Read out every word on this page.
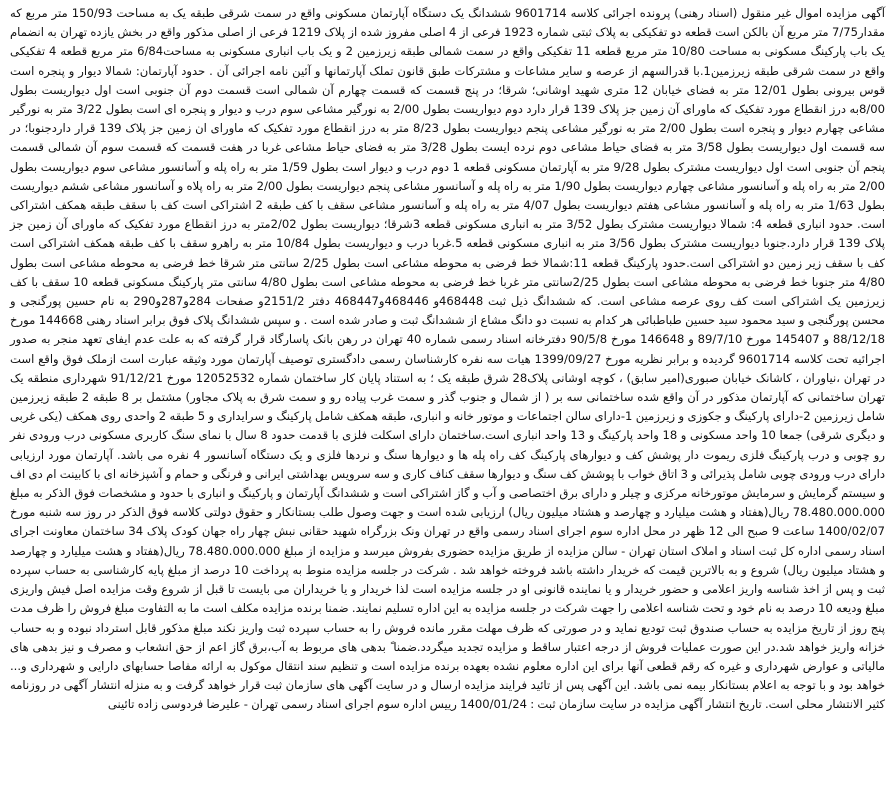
آگهی مزایده اموال غیر منقول (اسناد رهنی) پرونده اجرائی کلاسه 9601714 ششدانگ یک دستگاه آپارتمان مسکونی واقع در سمت شرقی طبقه یک به مساحت 150/93 متر مربع که مقدار7/75 متر مربع آن بالکن است قطعه دو تفکیکی به پلاک ثبتی شماره 1923 فرعی از 4 اصلی مفروز شده از پلاک 1219 فرعی از اصلی مذکور واقع در بخش یازده تهران به انضمام یک باب پارکینگ مسکونی به مساحت 10/80 متر مربع قطعه 11 تفکیکی واقع در سمت شمالی طبقه زیرزمین 2 و یک باب انباری مسکونی به مساحت6/84 متر مربع قطعه 4 تفکیکی واقع در سمت شرقی طبقه زیرزمین1.با قدرالسهم از عرصه و سایر مشاعات و مشترکات طبق قانون تملک آپارتمانها و آئین نامه اجرائی آن . حدود آپارتمان: شمالا دیوار و پنجره است قوس بیرونی بطول 12/01 متر به فضای خیابان 12 متری شهید اوشانی؛ شرقا؛ در پنج قسمت که قسمت چهارم آن شمالی است قسمت دوم آن جنوبی است اول دیواریست بطول 8/00به درز انقطاع مورد تفکیک که ماورای آن زمین جز پلاک 139 قرار دارد دوم دیواریست بطول 2/00 به نورگیر مشاعی سوم درب و دیوار و پنجره ای است بطول 3/22 متر به نورگیر مشاعی چهارم دیوار و پنجره است بطول 2/00 متر به نورگیر مشاعی پنجم دیواریست بطول 8/23 متر به درز انقطاع مورد تفکیک که ماورای ان زمین جز پلاک 139 قرار دارد‌جنوبا؛ در سه قسمت اول دیواریست بطول 3/58 متر به فضای حیاط مشاعی دوم نرده ایست بطول 3/28 متر به فضای حیاط مشاعی غربا در هفت قسمت که قسمت سوم آن شمالی قسمت پنجم آن جنوبی است اول دیواریست مشترک بطول 9/28 متر به آپارتمان مسکونی قطعه 1 دوم درب و دیوار است بطول 1/59 متر به راه پله و آسانسور مشاعی سوم دیواریست بطول 2/00 متر به راه پله و آسانسور مشاعی چهارم دیواریست بطول 1/90 متر به راه پله و آسانسور مشاعی پنجم دیواریست بطول 2/00 متر به راه پلاه و آسانسور مشاعی ششم دیواریست بطول 1/63 متر به راه پله و آسانسور مشاعی هفتم دیواریست بطول 4/07 متر به راه پله و آسانسور مشاعی سقف با کف طبقه 2 اشتراکی است کف با سقف طبقه همکف اشتراکی است. حدود انباری قطعه 4: شمالا دیواریست مشترک بطول 3/52 متر به انباری مسکونی قطعه 3شرقا؛ دیواریست بطول 2/02متر به درز انقطاع مورد تفکیک که ماورای آن زمین جز پلاک 139 قرار دارد.جنوبا دیواریست مشترک بطول 3/56 متر به انباری مسکونی قطعه 5.غربا درب و دیواریست بطول 10/84 متر به راهرو سقف با کف طبقه همکف اشتراکی است کف با سقف زیر زمین دو اشتراکی است.حدود پارکینگ قطعه 11:شمالا خط فرضی به محوطه مشاعی است بطول 2/25 سانتی متر شرقا خط فرضی به محوطه مشاعی است بطول 4/80 متر جنوبا خط فرضی به محوطه مشاعی است بطول 2/25سانتی متر غربا خط فرضی به محوطه مشاعی است بطول 4/80 سانتی متر پارکینگ مسکونی قطعه 10 سقف با کف زیرزمین یک اشتراکی است کف روی عرصه مشاعی است. که ششدانگ ذیل ثبت 468448و 468446و468447 دفتر 2151/2و صفحات 284و287و290 به نام حسین پورگنجی و محسن پورگنجی و سید محمود سید حسین طباطبائی هر کدام به نسبت دو دانگ مشاع از ششدانگ ثبت و صادر شده است . و سپس ششدانگ پلاک فوق برابر اسناد رهنی 144668 مورخ 88/12/18 و 145407 مورخ 89/7/10 و 146648 مورخ 90/5/8 دفترخانه اسناد رسمی شماره 40 تهران در رهن بانک پاسارگاد قرار گرفته که به علت عدم ایفای تعهد منجر به صدور اجرائیه تحت کلاسه 9601714 گردیده و برابر نظریه مورخ 1399/09/27 هیات سه نفره کارشناسان رسمی دادگستری توصیف آپارتمان مورد وثیقه عبارت است ازملک فوق واقع است در تهران ،نیاوران ، کاشانک خیابان صبوری(امیر سابق) ، کوچه اوشانی پلاک28 شرق طبقه یک ؛ به استناد پایان کار ساختمان شماره 12052532 مورخ 91/12/21 شهرداری منطقه یک تهران ساختمانی که آپارتمان مذکور در آن واقع شده ساختمانی سه بر ( از شمال و جنوب گذر و سمت غرب پیاده رو و سمت شرق به پلاک مجاور) مشتمل بر 8 طبقه 2 طبقه زیرزمین شامل زیرزمین 2-دارای پارکینگ و جکوزی و زیرزمین 1-دارای سالن اجتماعات و موتور خانه و انباری، طبقه همکف شامل پارکینگ و سرایداری و 5 طبقه 2 واحدی روی همکف (یکی غربی و دیگری شرقی) جمعا 10 واحد مسکونی و 18 واحد پارکینگ و 13 واحد انباری است.ساختمان دارای اسکلت فلزی با قدمت حدود 8 سال با نمای سنگ کاربری مسکونی درب ورودی نفر رو چوبی و درب پارکینگ فلزی ریموت دار پوشش کف و دیوارهای پارکینگ کف راه پله ها و دیوارها سنگ و نردها فلزی و یک دستگاه آسانسور 4 نفره می باشد. آپارتمان مورد ارزیابی دارای درب ورودی چوبی شامل پذیرائی و 3 اتاق خواب با پوشش کف سنگ و دیوارها سقف کناف کاری و سه سرویس بهداشتی ایرانی و فرنگی و حمام و آشپزخانه ای با کابینت ام دی اف و سیستم گرمایش و سرمایش موتورخانه مرکزی و چیلر و دارای برق اختصاصی و آب و گاز اشتراکی است و ششدانگ آپارتمان و پارکینگ و انباری با حدود و مشخصات فوق الذکر به مبلغ 78.480.000.000 ریال(هفتاد و هشت میلیارد و چهارصد و هشتاد میلیون ریال) ارزیابی شده است و جهت وصول طلب بستانکار و حقوق دولتی کلاسه فوق الذکر در روز سه شنبه مورخ 1400/02/07 ساعت 9 صبح الی 12 ظهر در محل اداره سوم اجرای اسناد رسمی واقع در تهران ونک بزرگراه شهید حقانی نبش چهار راه جهان کودک پلاک 34 ساختمان معاونت اجرای اسناد رسمی اداره کل ثبت اسناد و املاک استان تهران - سالن مزایده از طریق مزایده حضوری بفروش میرسد و مزایده از مبلغ 78.480.000.000 ریال(هفتاد و هشت میلیارد و چهارصد و هشتاد میلیون ریال) شروع و به بالاترین قیمت که خریدار داشته باشد فروخته خواهد شد . شرکت در جلسه مزایده منوط به پرداخت 10 درصد از مبلغ پایه کارشناسی به حساب سپرده ثبت و پس از اخذ شناسه واریز اعلامی و حضور خریدار و یا نماینده قانونی او در جلسه مزایده است لذا خریدار و یا خریداران می بایست تا قبل از شروع وقت مزایده اصل فیش واریزی مبلغ ودیعه 10 درصد به نام خود و تحت شناسه اعلامی را جهت شرکت در جلسه مزایده به این اداره تسلیم نمایند. ضمنا برنده مزایده مکلف است ما به التفاوت مبلغ فروش را ظرف مدت پنج روز از تاریخ مزایده به حساب صندوق ثبت تودیع نماید و در صورتی که ظرف مهلت مقرر مانده فروش را به حساب سپرده ثبت واریز نکند مبلغ مذکور قابل استرداد نبوده و به حساب خزانه واریز خواهد شد.در این صورت عملیات فروش از درجه اعتبار ساقط و مزایده تجدید میگردد.ضمنا ً بدهی های مربوط به آب،برق گاز اعم از حق انشعاب و مصرف و نیز بدهی های مالیاتی و عوارض شهرداری و غیره که رقم قطعی آنها برای این اداره معلوم نشده بعهده برنده مزایده است و تنظیم سند انتقال موکول به ارائه مفاصا حسابهای دارایی و شهرداری و... خواهد بود و با توجه به اعلام بستانکار بیمه نمی باشد. این آگهی پس از تائید فرایند مزایده ارسال و در سایت آگهی های سازمان ثبت قرار خواهد گرفت و به منزله انتشار آگهی در روزنامه کثیر الانتشار محلی است. تاریخ انتشار آگهی مزایده در سایت سازمان ثبت : 1400/01/24 رییس اداره سوم اجرای اسناد رسمی تهران - علیرضا فردوسی زاده تائینی
